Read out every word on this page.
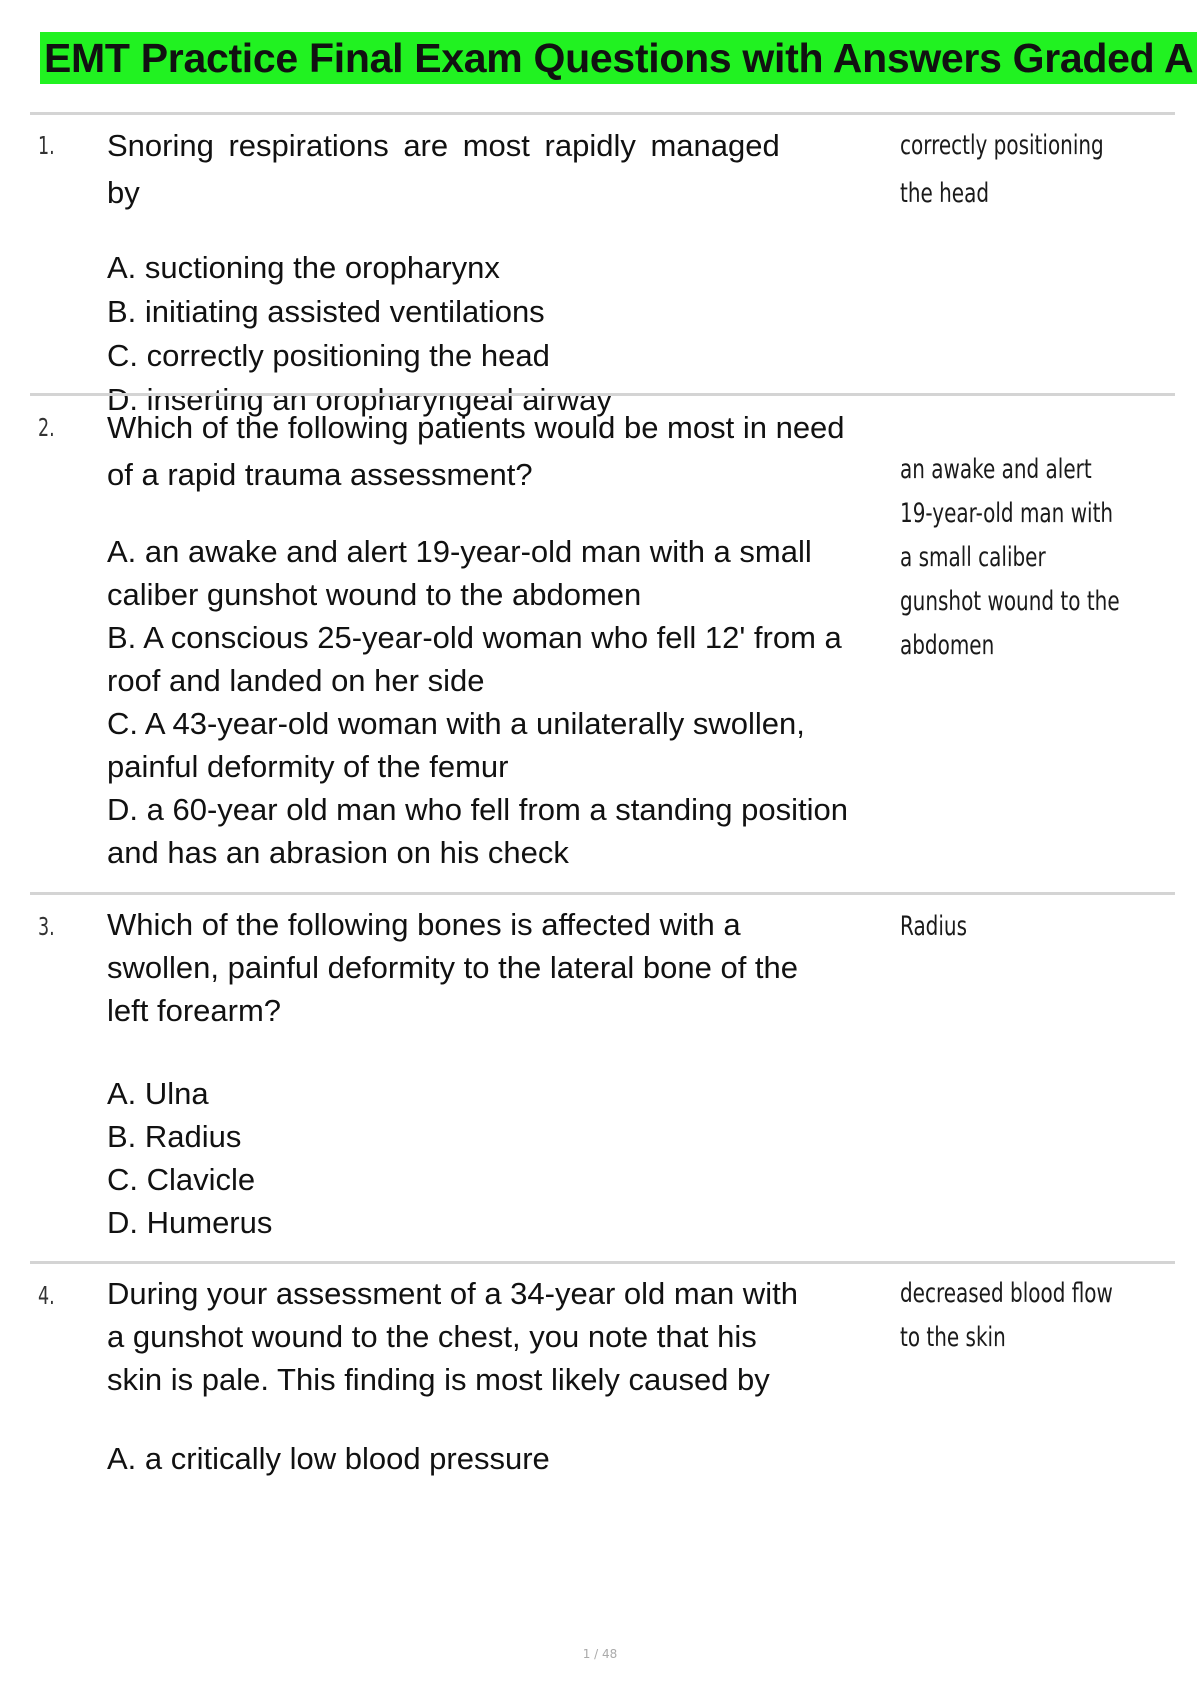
EMT Practice Final Exam Questions with Answers Graded A
1. Snoring respirations are most rapidly managed by

A. suctioning the oropharynx
B. initiating assisted ventilations
C. correctly positioning the head
D. inserting an oropharyngeal airway
correctly positioning the head
2. Which of the following patients would be most in need

of a rapid trauma assessment?

A. an awake and alert 19-year-old man with a small caliber gunshot wound to the abdomen
B. A conscious 25-year-old woman who fell 12' from a roof and landed on her side
C. A 43-year-old woman with a unilaterally swollen, painful deformity of the femur
D. a 60-year old man who fell from a standing position and has an abrasion on his check
an awake and alert 19-year-old man with a small caliber gunshot wound to the abdomen
3. Which of the following bones is affected with a swollen, painful deformity to the lateral bone of the left forearm?

A. Ulna
B. Radius
C. Clavicle
D. Humerus
Radius
4. During your assessment of a 34-year old man with a gunshot wound to the chest, you note that his skin is pale. This finding is most likely caused by

A. a critically low blood pressure
decreased blood flow to the skin
1 / 48
